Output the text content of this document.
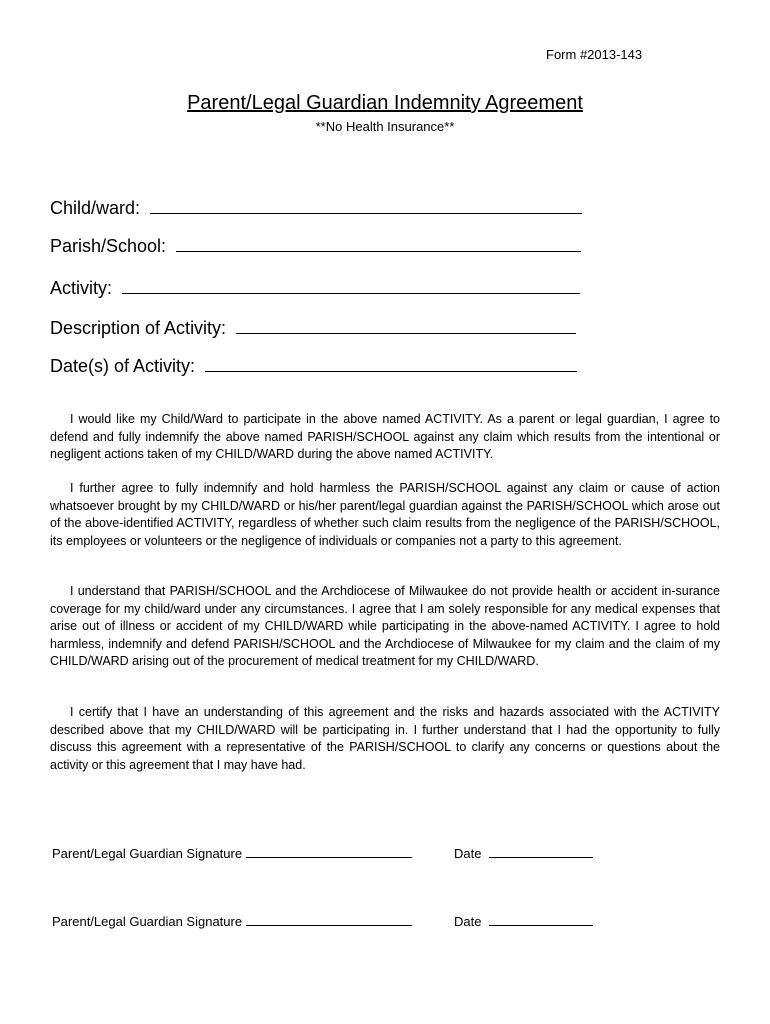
Form #2013-143
Parent/Legal Guardian Indemnity Agreement
**No Health Insurance**
Child/ward:
Parish/School:
Activity:
Description of Activity:
Date(s) of Activity:

I would like my Child/Ward to participate in the above named ACTIVITY. As a parent or legal guardian, I agree to defend and fully indemnify the above named PARISH/SCHOOL against any claim which results from the intentional or negligent actions taken of my CHILD/WARD during the above named ACTIVITY.

I further agree to fully indemnify and hold harmless the PARISH/SCHOOL against any claim or cause of action whatsoever brought by my CHILD/WARD or his/her parent/legal guardian against the PARISH/SCHOOL which arose out of the above-identified ACTIVITY, regardless of whether such claim results from the negligence of the PARISH/SCHOOL, its employees or volunteers or the negligence of individuals or companies not a party to this agreement.

I understand that PARISH/SCHOOL and the Archdiocese of Milwaukee do not provide health or accident in-surance coverage for my child/ward under any circumstances. I agree that I am solely responsible for any medical expenses that arise out of illness or accident of my CHILD/WARD while participating in the above-named ACTIVITY. I agree to hold harmless, indemnify and defend PARISH/SCHOOL and the Archdiocese of Milwaukee for my claim and the claim of my CHILD/WARD arising out of the procurement of medical treatment for my CHILD/WARD.

I certify that I have an understanding of this agreement and the risks and hazards associated with the ACTIVITY described above that my CHILD/WARD will be participating in. I further understand that I had the opportunity to fully discuss this agreement with a representative of the PARISH/SCHOOL to clarify any concerns or questions about the activity or this agreement that I may have had.

Parent/Legal Guardian Signature	Date
Parent/Legal Guardian Signature	Date
